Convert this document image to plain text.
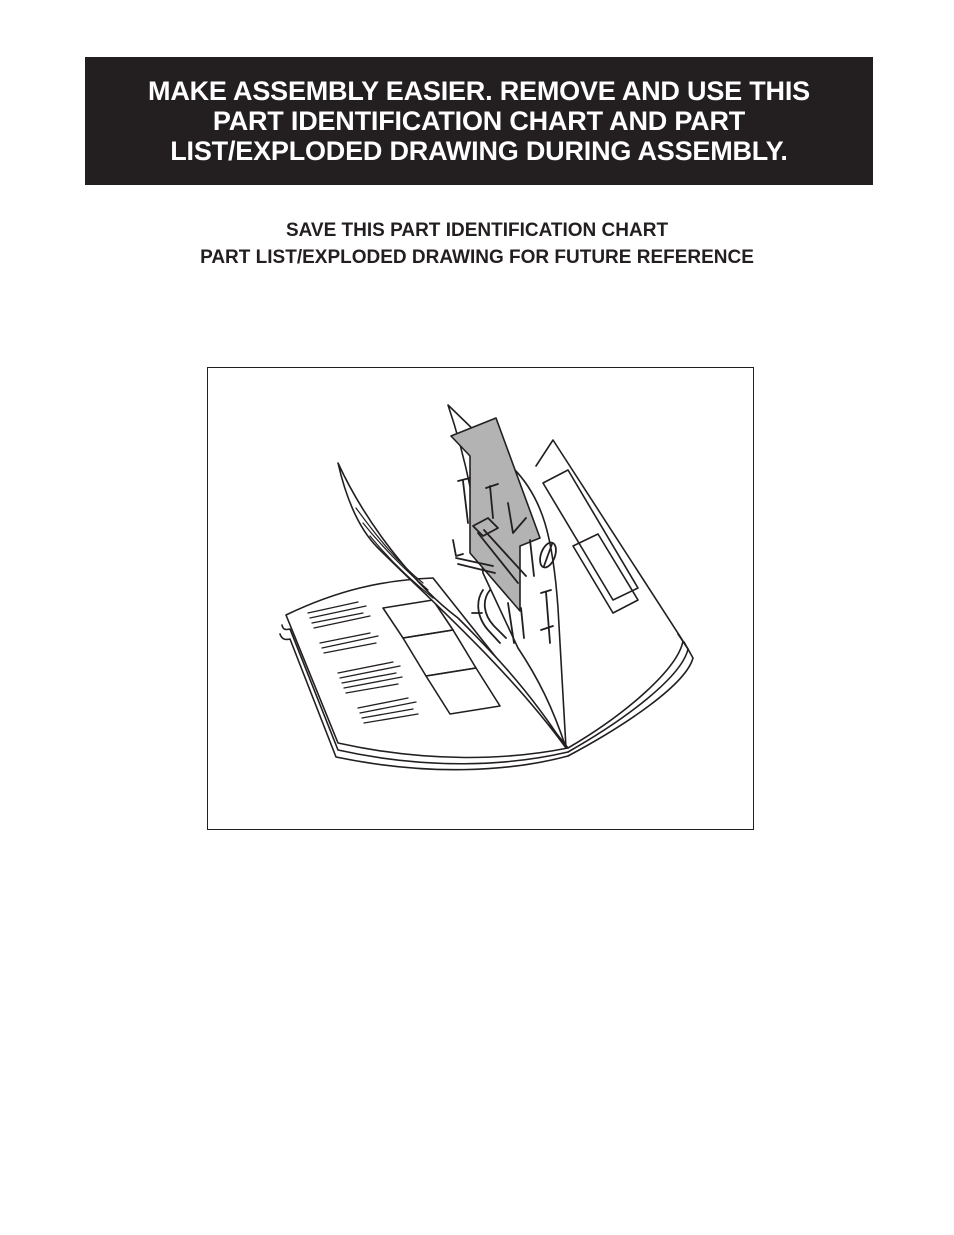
MAKE ASSEMBLY EASIER. REMOVE AND USE THIS
PART IDENTIFICATION CHART AND PART
LIST/EXPLODED DRAWING DURING ASSEMBLY.
SAVE THIS PART IDENTIFICATION CHART
PART LIST/EXPLODED DRAWING FOR FUTURE REFERENCE
